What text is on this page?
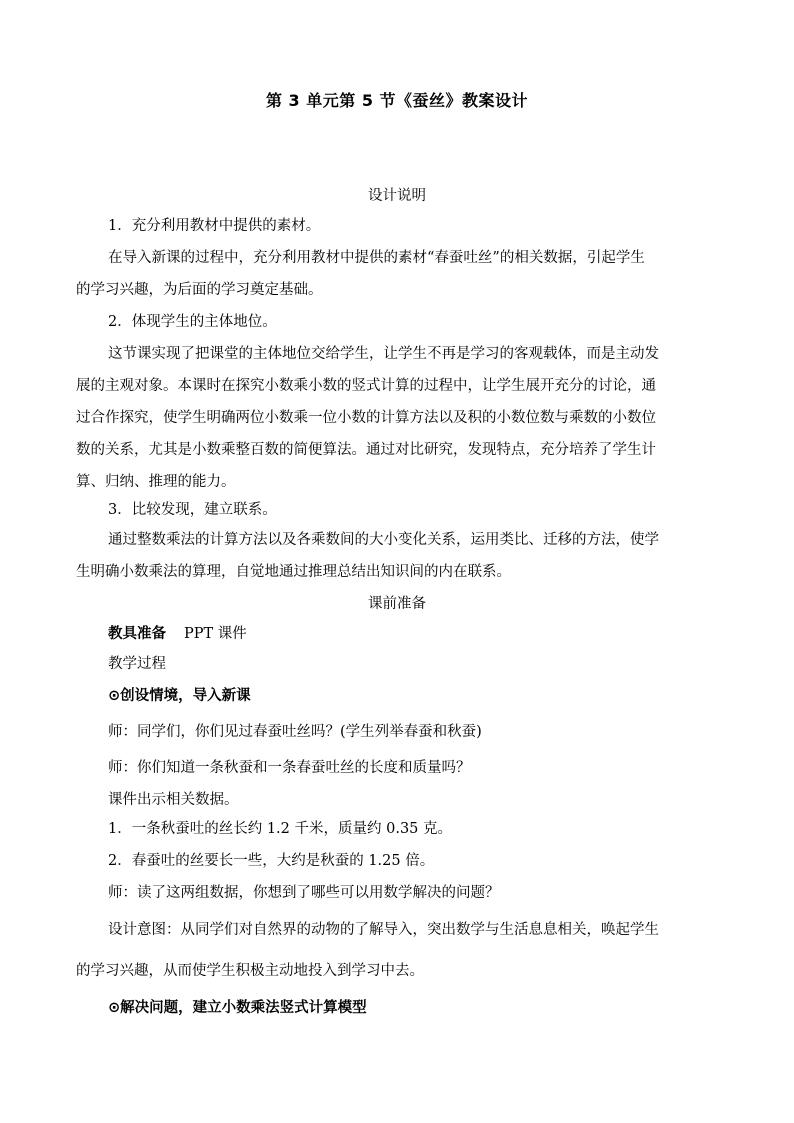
第 3 单元第 5 节《蚕丝》教案设计
设计说明
1．充分利用教材中提供的素材。
在导入新课的过程中，充分利用教材中提供的素材“春蚕吐丝”的相关数据，引起学生
的学习兴趣，为后面的学习奠定基础。
2．体现学生的主体地位。
这节课实现了把课堂的主体地位交给学生，让学生不再是学习的客观载体，而是主动发
展的主观对象。本课时在探究小数乘小数的竖式计算的过程中，让学生展开充分的讨论，通
过合作探究，使学生明确两位小数乘一位小数的计算方法以及积的小数位数与乘数的小数位
数的关系，尤其是小数乘整百数的简便算法。通过对比研究，发现特点，充分培养了学生计
算、归纳、推理的能力。
3．比较发现，建立联系。
通过整数乘法的计算方法以及各乘数间的大小变化关系，运用类比、迁移的方法，使学
生明确小数乘法的算理，自觉地通过推理总结出知识间的内在联系。
课前准备
教具准备 PPT 课件
教学过程
⊙创设情境，导入新课
师：同学们，你们见过春蚕吐丝吗？(学生列举春蚕和秋蚕)
师：你们知道一条秋蚕和一条春蚕吐丝的长度和质量吗？
课件出示相关数据。
1．一条秋蚕吐的丝长约 1.2 千米，质量约 0.35 克。
2．春蚕吐的丝要长一些，大约是秋蚕的 1.25 倍。
师：读了这两组数据，你想到了哪些可以用数学解决的问题？
设计意图：从同学们对自然界的动物的了解导入，突出数学与生活息息相关，唤起学生
的学习兴趣，从而使学生积极主动地投入到学习中去。
⊙解决问题，建立小数乘法竖式计算模型
